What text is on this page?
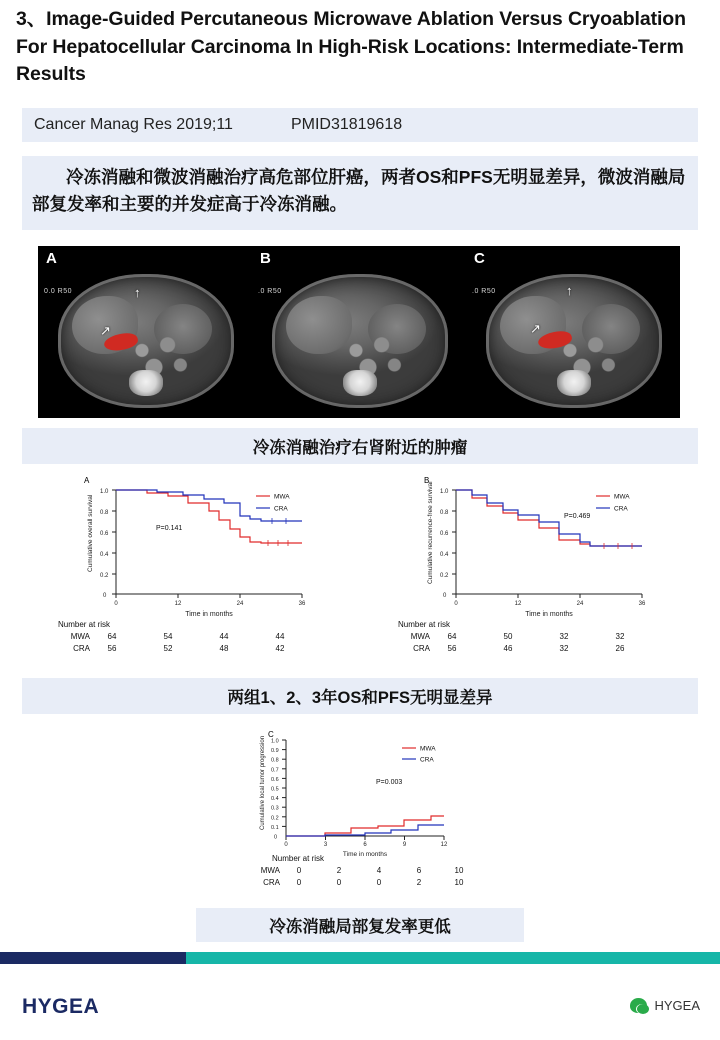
3、Image-Guided Percutaneous Microwave Ablation Versus Cryoablation For Hepatocellular Carcinoma In High-Risk Locations: Intermediate-Term Results
Cancer Manag Res 2019;11	PMID31819618
冷冻消融和微波消融治疗高危部位肝癌，两者OS和PFS无明显差异，微波消融局部复发率和主要的并发症高于冷冻消融。
A
0.0 R50	↑
↗
B
.0 R50
C
.0 R50	↑
↗
冷冻消融治疗右肾附近的肿瘤
A
1.0
0.8
0.6
0.4
0.2
0
0	12	24	36
Time in months
Cumulative overall survival	P=0.141
MWA
CRA
Number at risk
MWA	64	54	44	44
CRA	56	52	48	42
B
1.0
0.8
0.6
0.4
0.2
0
0	12	24	36
Time in months
Cumulative recurrence-free survival	P=0.469
MWA
CRA
Number at risk
MWA	64	50	32	32
CRA	56	46	32	26
两组1、2、3年OS和PFS无明显差异
C
1.0
0.9
0.8
0.7
0.6
0.5
0.4
0.3
0.2
0.1
0
0	3	6	9	12
Time in months
Cumulative local tumor progression	P=0.003
MWA
CRA
Number at risk
MWA	0	2	4	6	10
CRA	0	0	0	2	10
冷冻消融局部复发率更低
HYGEA	HYGEA
